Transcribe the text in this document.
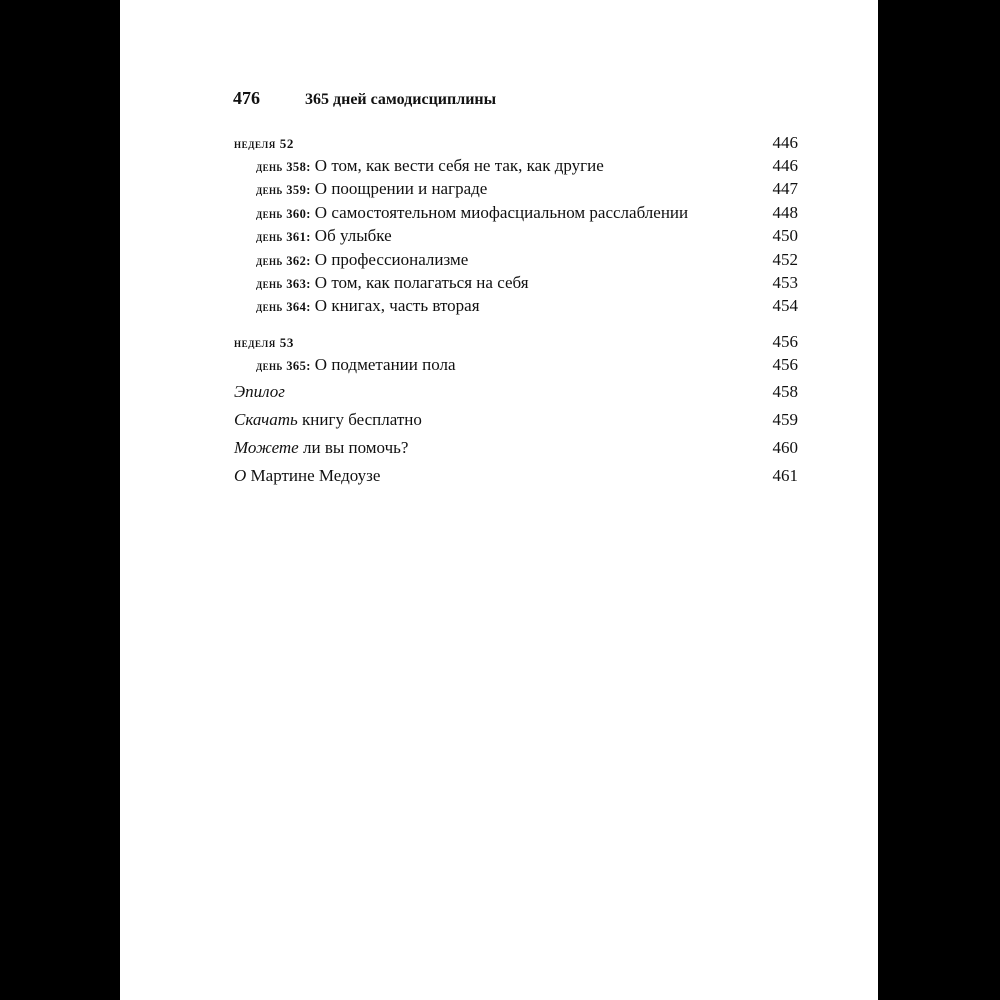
476	365 дней самодисциплины
неделя 52	446
день 358: О том, как вести себя не так, как другие	446
день 359: О поощрении и награде	447
день 360: О самостоятельном миофасциальном расслаблении	448
день 361: Об улыбке	450
день 362: О профессионализме	452
день 363: О том, как полагаться на себя	453
день 364: О книгах, часть вторая	454
неделя 53	456
день 365: О подметании пола	456
Эпилог	458
Скачать книгу бесплатно	459
Можете ли вы помочь?	460
О Мартине Медоузе	461
